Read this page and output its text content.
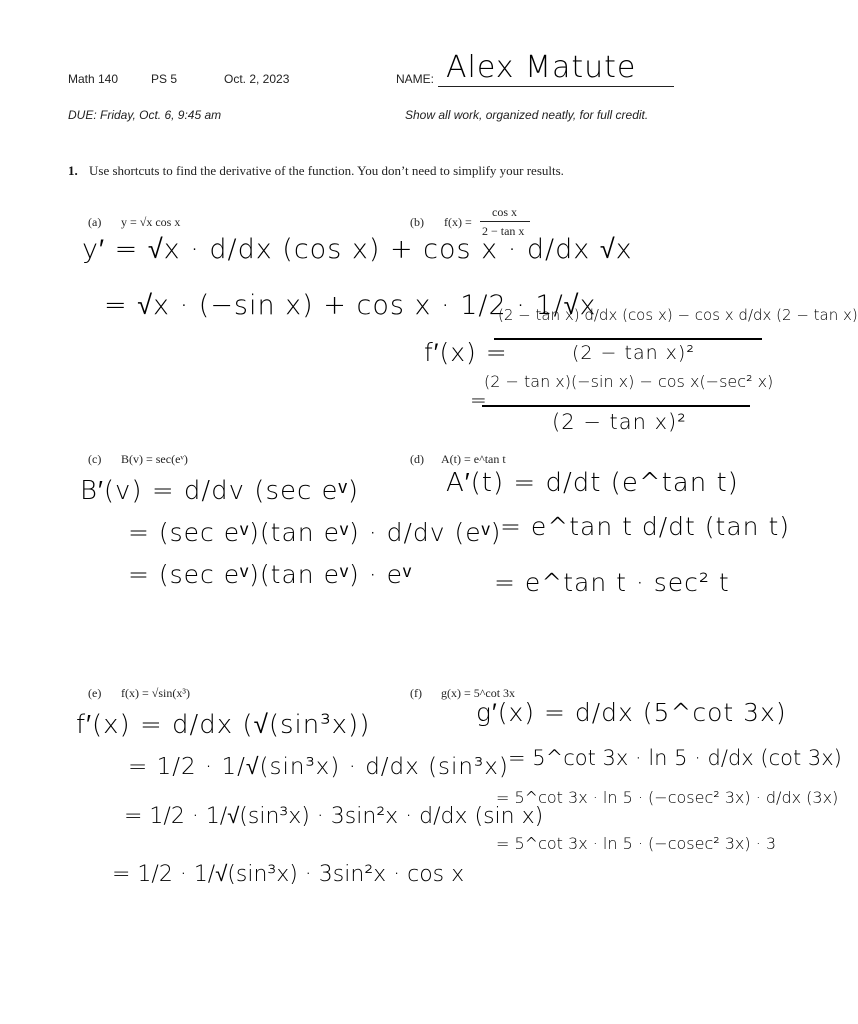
Math 140	PS 5	Oct. 2, 2023	NAME: Alex Matute
DUE: Friday, Oct. 6, 9:45 am	Show all work, organized neatly, for full credit.
1. Use shortcuts to find the derivative of the function. You don’t need to simplify your results.
(a) y = √x cos x
y′ = √x · d/dx (cos x) + cos x · d/dx √x
= √x · (−sin x) + cos x · 1/2 · 1/√x
(b) f(x) =
cos x
2 − tan x
f′(x) =
(2 − tan x) d/dx (cos x) − cos x d/dx (2 − tan x)
(2 − tan x)²
=
(2 − tan x)(−sin x) − cos x(−sec² x)
(2 − tan x)²
(c) B(v) = sec(eᵛ)
B′(v) = d/dv (sec eᵛ)
= (sec eᵛ)(tan eᵛ) · d/dv (eᵛ)
= (sec eᵛ)(tan eᵛ) · eᵛ
(d) A(t) = e^tan t
A′(t) = d/dt (e^tan t)
= e^tan t d/dt (tan t)
= e^tan t · sec² t
(e) f(x) = √sin(x³)
f′(x) = d/dx (√(sin³x))
= 1/2 · 1/√(sin³x) · d/dx (sin³x)
= 1/2 · 1/√(sin³x) · 3sin²x · d/dx (sin x)
= 1/2 · 1/√(sin³x) · 3sin²x · cos x
(f) g(x) = 5^cot 3x
g′(x) = d/dx (5^cot 3x)
= 5^cot 3x · ln 5 · d/dx (cot 3x)
= 5^cot 3x · ln 5 · (−cosec² 3x) · d/dx (3x)
= 5^cot 3x · ln 5 · (−cosec² 3x) · 3
